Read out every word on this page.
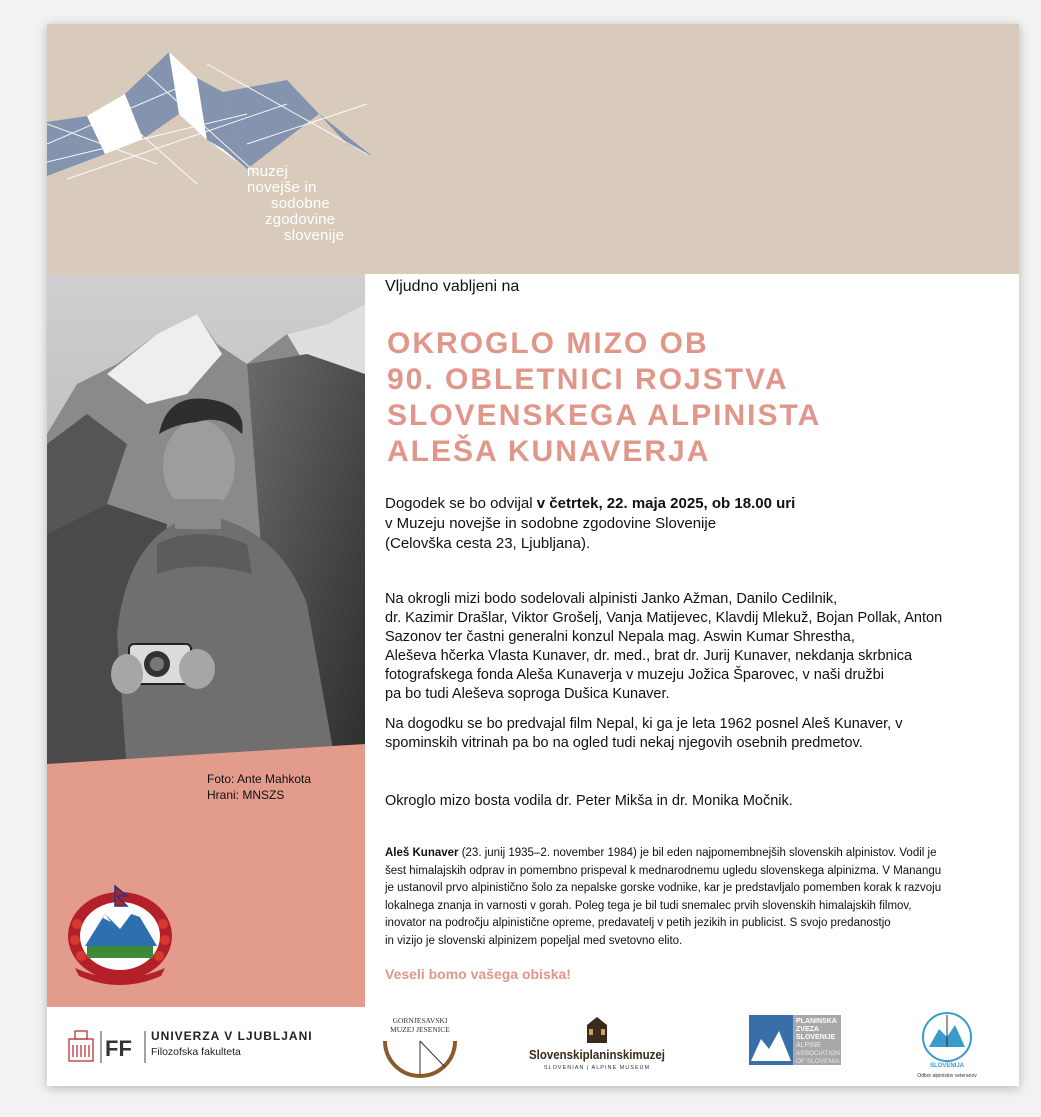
muzej
novejše in
sodobne
zgodovine
slovenije
Foto: Ante Mahkota
Hrani: MNSZS
Vljudno vabljeni na
OKROGLO MIZO OB
90. OBLETNICI ROJSTVA
SLOVENSKEGA ALPINISTA
ALEŠA KUNAVERJA
Dogodek se bo odvijal v četrtek, 22. maja 2025, ob 18.00 uri
v Muzeju novejše in sodobne zgodovine Slovenije
(Celovška cesta 23, Ljubljana).
Na okrogli mizi bodo sodelovali alpinisti Janko Ažman, Danilo Cedilnik,
dr. Kazimir Drašlar, Viktor Grošelj, Vanja Matijevec, Klavdij Mlekuž, Bojan Pollak, Anton
Sazonov ter častni generalni konzul Nepala mag. Aswin Kumar Shrestha,
Aleševa hčerka Vlasta Kunaver, dr. med., brat dr. Jurij Kunaver, nekdanja skrbnica
fotografskega fonda Aleša Kunaverja v muzeju Jožica Šparovec, v naši družbi
pa bo tudi Aleševa soproga Dušica Kunaver.
Na dogodku se bo predvajal film Nepal, ki ga je leta 1962 posnel Aleš Kunaver, v
spominskih vitrinah pa bo na ogled tudi nekaj njegovih osebnih predmetov.
Okroglo mizo bosta vodila dr. Peter Mikša in dr. Monika Močnik.
Aleš Kunaver (23. junij 1935–2. november 1984) je bil eden najpomembnejših slovenskih alpinistov. Vodil je
šest himalajskih odprav in pomembno prispeval k mednarodnemu ugledu slovenskega alpinizma. V Manangu
je ustanovil prvo alpinistično šolo za nepalske gorske vodnike, kar je predstavljalo pomemben korak k razvoju
lokalnega znanja in varnosti v gorah. Poleg tega je bil tudi snemalec prvih slovenskih himalajskih filmov,
inovator na področju alpinistične opreme, predavatelj v petih jezikih in publicist. S svojo predanostjo
in vizijo je slovenski alpinizem popeljal med svetovno elito.
Veseli bomo vašega obiska!
FF UNIVERZA V LJUBLJANI
Filozofska fakulteta
GORNJESAVSKI
MUZEJ JESENICE
Slovenskiplaninskimuzej
SLOVENIAN | ALPINE MUSEUM
PLANINSKA
ZVEZA
SLOVENIJE
ALPINE
ASSOCIATION
OF SLOVENIA
SLOVENIJA
Odbor alpinistov veteranov
